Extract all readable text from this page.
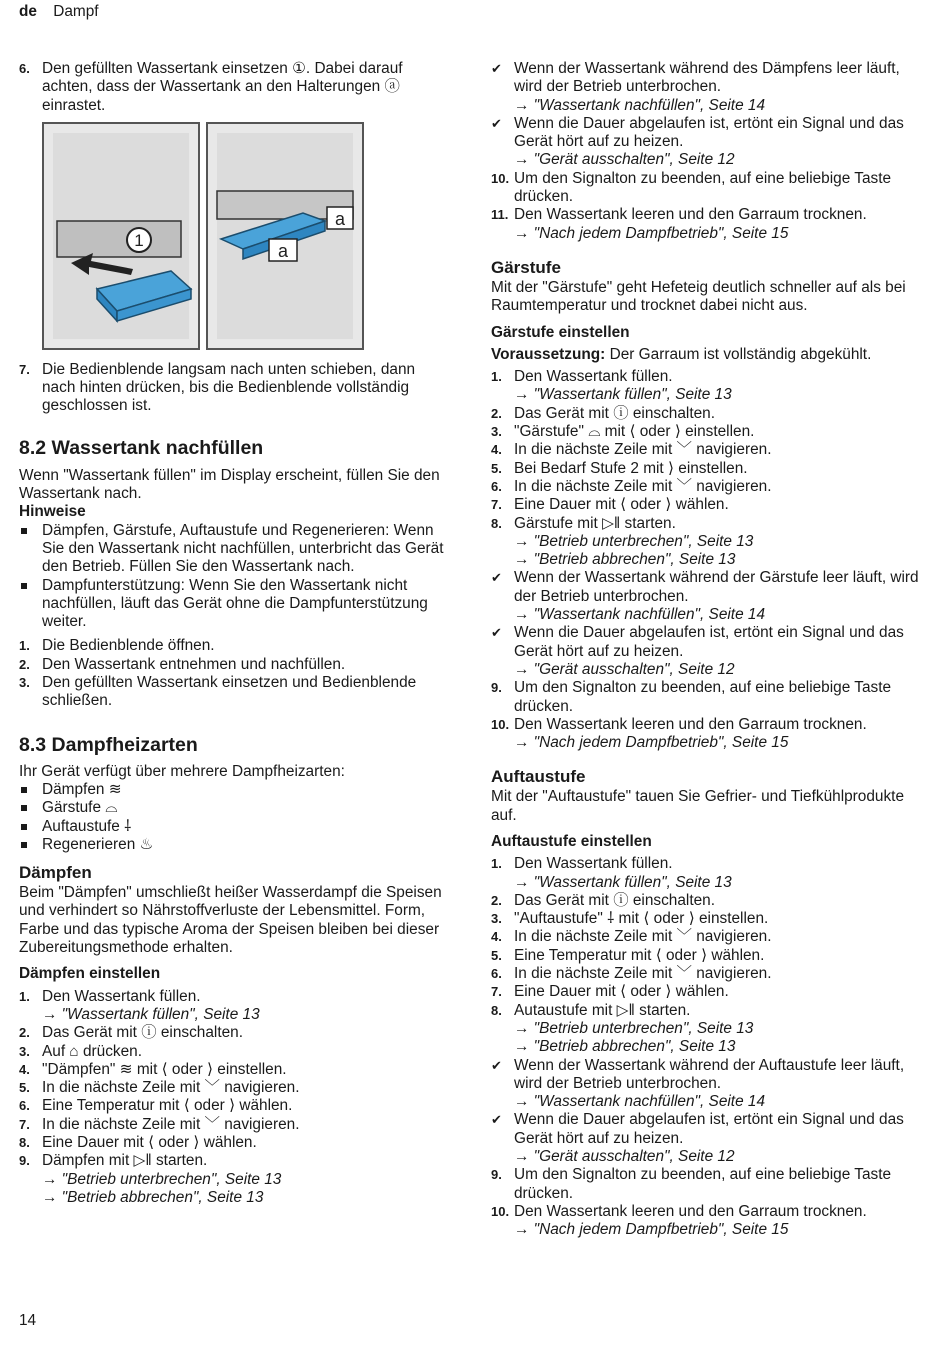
de Dampf
6. Den gefüllten Wassertank einsetzen ①. Dabei darauf achten, dass der Wassertank an den Halterungen ⓐ einrastet.
1
a
a
7. Die Bedienblende langsam nach unten schieben, dann nach hinten drücken, bis die Bedienblende vollständig geschlossen ist.
8.2 Wassertank nachfüllen

Wenn "Wassertank füllen" im Display erscheint, füllen Sie den Wassertank nach.

Hinweise
Dämpfen, Gärstufe, Auftaustufe und Regenerieren: Wenn Sie den Wassertank nicht nachfüllen, unterbricht das Gerät den Betrieb. Füllen Sie den Wassertank nach.
Dampfunterstützung: Wenn Sie den Wassertank nicht nachfüllen, läuft das Gerät ohne die Dampfunterstützung weiter.
1. Die Bedienblende öffnen.
2. Den Wassertank entnehmen und nachfüllen.
3. Den gefüllten Wassertank einsetzen und Bedienblende schließen.
8.3 Dampfheizarten

Ihr Gerät verfügt über mehrere Dampfheizarten:

Dämpfen ≋
Gärstufe ⌓
Auftaustufe ⸸
Regenerieren ♨
Dämpfen

Beim "Dämpfen" umschließt heißer Wasserdampf die Speisen und verhindert so Nährstoffverluste der Lebensmittel. Form, Farbe und das typische Aroma der Speisen bleiben bei dieser Zubereitungsmethode erhalten.

Dämpfen einstellen
1. Den Wassertank füllen.
→ "Wassertank füllen", Seite 13
2. Das Gerät mit ⓘ einschalten.
3. Auf ⌂ drücken.
4. "Dämpfen" ≋ mit ⟨ oder ⟩ einstellen.
5. In die nächste Zeile mit ﹀ navigieren.
6. Eine Temperatur mit ⟨ oder ⟩ wählen.
7. In die nächste Zeile mit ﹀ navigieren.
8. Eine Dauer mit ⟨ oder ⟩ wählen.
9. Dämpfen mit ▷‖ starten.
→ "Betrieb unterbrechen", Seite 13
→ "Betrieb abbrechen", Seite 13
✔ Wenn der Wassertank während des Dämpfens leer läuft, wird der Betrieb unterbrochen.
→ "Wassertank nachfüllen", Seite 14
✔ Wenn die Dauer abgelaufen ist, ertönt ein Signal und das Gerät hört auf zu heizen.
→ "Gerät ausschalten", Seite 12
10. Um den Signalton zu beenden, auf eine beliebige Taste drücken.
11. Den Wassertank leeren und den Garraum trocknen.
→ "Nach jedem Dampfbetrieb", Seite 15
Gärstufe

Mit der "Gärstufe" geht Hefeteig deutlich schneller auf als bei Raumtemperatur und trocknet dabei nicht aus.

Gärstufe einstellen

Voraussetzung: Der Garraum ist vollständig abgekühlt.

1. Den Wassertank füllen.
→ "Wassertank füllen", Seite 13
2. Das Gerät mit ⓘ einschalten.
3. "Gärstufe" ⌓ mit ⟨ oder ⟩ einstellen.
4. In die nächste Zeile mit ﹀ navigieren.
5. Bei Bedarf Stufe 2 mit ⟩ einstellen.
6. In die nächste Zeile mit ﹀ navigieren.
7. Eine Dauer mit ⟨ oder ⟩ wählen.
8. Gärstufe mit ▷‖ starten.
→ "Betrieb unterbrechen", Seite 13
→ "Betrieb abbrechen", Seite 13
✔ Wenn der Wassertank während der Gärstufe leer läuft, wird der Betrieb unterbrochen.
→ "Wassertank nachfüllen", Seite 14
✔ Wenn die Dauer abgelaufen ist, ertönt ein Signal und das Gerät hört auf zu heizen.
→ "Gerät ausschalten", Seite 12
9. Um den Signalton zu beenden, auf eine beliebige Taste drücken.
10. Den Wassertank leeren und den Garraum trocknen.
→ "Nach jedem Dampfbetrieb", Seite 15
Auftaustufe

Mit der "Auftaustufe" tauen Sie Gefrier- und Tiefkühlprodukte auf.

Auftaustufe einstellen
1. Den Wassertank füllen.
→ "Wassertank füllen", Seite 13
2. Das Gerät mit ⓘ einschalten.
3. "Auftaustufe" ⸸ mit ⟨ oder ⟩ einstellen.
4. In die nächste Zeile mit ﹀ navigieren.
5. Eine Temperatur mit ⟨ oder ⟩ wählen.
6. In die nächste Zeile mit ﹀ navigieren.
7. Eine Dauer mit ⟨ oder ⟩ wählen.
8. Autaustufe mit ▷‖ starten.
→ "Betrieb unterbrechen", Seite 13
→ "Betrieb abbrechen", Seite 13
✔ Wenn der Wassertank während der Auftaustufe leer läuft, wird der Betrieb unterbrochen.
→ "Wassertank nachfüllen", Seite 14
✔ Wenn die Dauer abgelaufen ist, ertönt ein Signal und das Gerät hört auf zu heizen.
→ "Gerät ausschalten", Seite 12
9. Um den Signalton zu beenden, auf eine beliebige Taste drücken.
10. Den Wassertank leeren und den Garraum trocknen.
→ "Nach jedem Dampfbetrieb", Seite 15
14
